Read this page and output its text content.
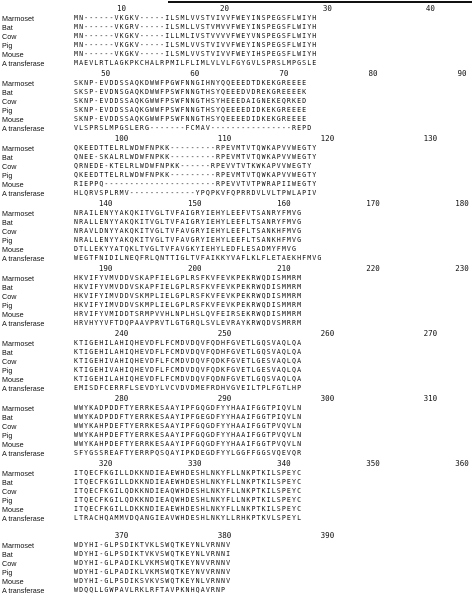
10	20	30	40
Marmoset	MN------VKGKV-----ILSMLVVSTVIVVFWEYINSPEGSFLWIYH
Bat	MN------VKGRV-----ILSMLLVSTVMVVFWEYINSPEGSFLWIYH
Cow	MN------VKGKV-----ILLMLIVSTVVVVFWEYVNSPEGSFLWIYH
Pig	MN------VKGKV-----ILSMLVVSTVIVVFWEYINSPEGSFLWIYH
Mouse	MN------VKGKV-----ILSMLVVSTVIVVFWEYIHSPEGSFLWIYH
A transferase	MAEVLRTLAGKPKCHALRPMILFLIMLVLVLFGYGVLSPRSLMPGSLE
50	60	70	80	90
Marmoset	SKNP-EVDDSSAQKDWWFPGWFNNGIHNYQQEEEDTDKEKGREEEE
Bat	SKSP-EVDNSGAQKDWWFPSWFNNGTHSYQEEEDVDREKGREEEEK
Cow	SKNP-EVDDSSAQKGWWFPSWFNNGTHSYHEEEDAIGNEKEQRKED
Pig	SKNP-EVDDSSAQKGWWFPSWFNNGTHSYQEEEEDIDKEKGREEEE
Mouse	SKNP-EVDDSSAQKGWWFPSWFNNGTHSYQEEEEDIDKEKGREEEE
A transferase	VLSPRSLMPGSLERG-------FCMAV----------------REPD
100	110	120	130
Marmoset	QKEEDTTELRLWDWFNPKK---------RPEVMTVTQWKAPVVWEGTY
Bat	QNEE-SKALRLWDWFNPKK---------RPEVMTVTQWKAPVVWEGTY
Cow	QRNEDE-KTELRLWDWFNPKK------RPEVVTVTKWKAPVVWEGTY
Pig	QKEEDTTELRLWDWFNPKK---------RPEVMTVTQWKAPVVWEGTY
Mouse	RIEPPQ----------------------RPEVVTVTPWRAPIIWEGTY
A transferase	HLQRVSPLRMV-------------YPQPKVFQPRRDVLVLTPWLAPIV
140	150	160	170	180
Marmoset	NRAILENYYAKQKITVGLTVFAIGRYIEHYLEEFVTSANRYFMVG
Bat	NRALLENYYAKQKITVGLTVFAIGRYIEHYLEEFLTSANRYFMVG
Cow	NRAVLDNYYAKQKITVGLTVFAVGRYIEHYLEEFLTSANKHFMVG
Pig	NRALLENYYAKQKITVGLTVFAVGRYIEHYLEEFLTSANKHFMVG
Mouse	DTLLEKYYATQKLTVGLTVFAVGKYIEHYLEDFLESADMYFMVG
A transferase	WEGTFNIDILNEQFRLQNTTIGLTVFAIKKYVAFLKLFLETAEKHFMVG
190	200	210	220	230
Marmoset	HKVIFYVMVDDVSKAPFIELGPLRSFKVFEVKPEKRWQDISMMRM
Bat	HKVIFYVMVDDVSKAPFIELGPLRSFKVFEVKPEKRWQDISMMRM
Cow	HKVIFYIMVDDVSKMPLIELGPLRSFKVFEVKPEKRWQDISMMRM
Pig	HKVIFYIMVDDVSKMPLIELGPLRSFKVFEVKPEKRWQDISMMRM
Mouse	HRVIFYVMIDDTSRMPVVHLNPLHSLQVFEIRSEKRWQDISMMRM
A transferase	HRVHYYVFTDQPAAVPRVTLGTGRQLSVLEVRAYKRWQDVSMRRM
240	250	260	270
Marmoset	KTIGEHILAHIQHEVDFLFCMDVDQVFQDHFGVETLGQSVAQLQA
Bat	KTIGEHILAHIQHEVDFLFCMDVDQVFQDHFGVETLGQSVAQLQA
Cow	KTIGEHIVAHIQHEVDFLFCMDVDQVFQDKFGVETLGESVAQLQA
Pig	KTIGEHIVAHIQHEVDFLFCMDVDQVFQDKFGVETLGESVAQLQA
Mouse	KTIGEHILAHIQHEVDFLFCMDVDQVFQDNFGVETLGQSVAQLQA
A transferase	EMISDFCERRFLSEVDYLVCVDVDMEFRDHVGVEILTPLFGTLHP
280	290	300	310
Marmoset	WWYKADPDDFTYERRKESAAYIPFGQGDFYYHAAIFGGTPIQVLN
Bat	WWYKADPDDFTYERRKESAAYIPFGEGDFYYHAAIFGGTPIQVLN
Cow	WWYKAHPDEFTYERRKESAAYIPFGQGDFYYHAAIFGGTPVQVLN
Pig	WWYKAHPDEFTYERRKESAAYIPFGQGDFYYHAAIFGGTPVQVLN
Mouse	WWYKAHPDEFTYERRKESAAYIPFGQGDFYYHAAIFGGTPVQVLN
A transferase	SFYGSSREAFTYERRPQSQAYIPKDEGDFYYLGGFFGGSVQEVQR
320	330	340	350	360
Marmoset	ITQECFKGILLDKKNDIEAEWHDESHLNKYFLLNKPTKILSPEYC
Bat	ITQECFKGILLDKKNDIEAEWHDESHLNKYFLLNKPTKILSPEYC
Cow	ITQECFKGILQDKKNDIEAQWHDESHLNKYFLLNKPTKILSPEYC
Pig	ITQECFKGILQDKKNDIEAQWHDESHLNKYFLLNKPTKILSPEYC
Mouse	ITQECFKGILLDKKNDIEAEWHDESHLNKYFLLNKPTKILSPEYC
A transferase	LTRACHQAMMVDQANGIEAVWHDESHLNKYLLRHKPTKVLSPEYL
370	380	390
Marmoset	WDYHI-GLPSDIKTVKLSWQTKEYNLVRNNV
Bat	WDYHI-GLPSDIKTVKVSWQTKEYNLVRNNI
Cow	WDYHI-GLPADIKLVKMSWQTKEYNVVRNNV
Pig	WDYHI-GLPADIKLVKMSWQTKEYNVVRNNV
Mouse	WDYHI-GLPSDIKSVKVSWQTKEYNLVRNNV
A transferase	WDQQLLGWPAVLRKLRFTAVPKNHQAVRNP
